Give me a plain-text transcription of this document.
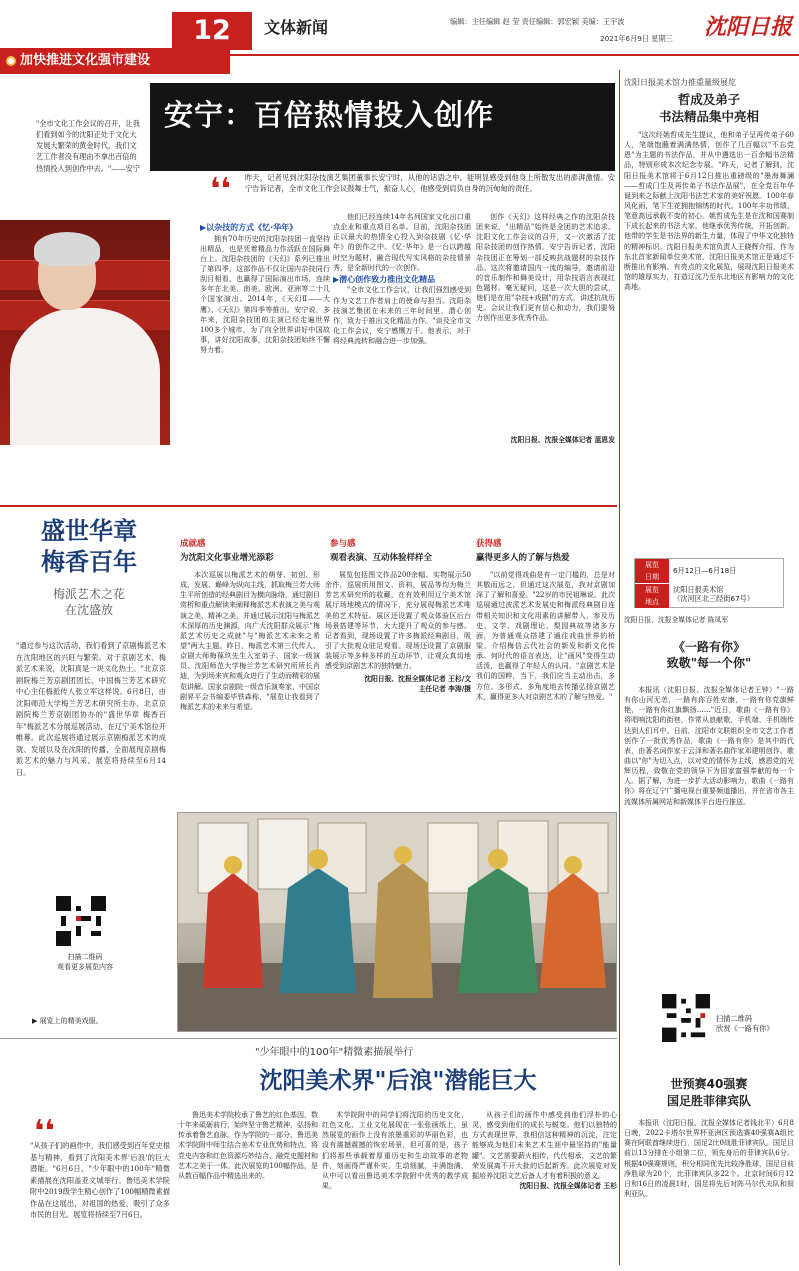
12	文体新闻	编辑：主任编辑 赵 莹 责任编辑：郭宏颖 美编：王宇波
2021年6月9日 星期三 沈阳日报
加快推进文化强市建设
"全市文化工作会议的召开，让我们看到如今的沈阳正处于文化大发展大繁荣的黄金时代，我们文艺工作者没有理由不拿出百倍的热情投入到创作中去。"——安宁
安宁：百倍热情投入创作
❛❛ 昨天，记者见到沈阳杂技演艺集团董事长安宁时，从他的话语之中，能明显感受到他身上所散发出的澎湃激情。安宁告诉记者，全市文化工作会议鼓舞士气，振奋人心，他感受到肩负自身的沉甸甸的责任。
▶以杂技的方式《忆·华年》

拥有70年历史的沈阳杂技团一直坚持出精品，也是凭着精品力作活跃在国际舞台上。沈阳杂技团的《天幻》系列已推出了第四季，这部作品不仅让国内杂技同行刮目相看，也赢得了国际演出市场，连续多年在北美、南美、欧洲、亚洲等二十几个国家演出。2014年，《天幻Ⅱ——大鹰》、《天幻》第四季等推出。安宁说，多年来，沈阳杂技团的主演已经走遍世界100多个城市，为了向全世界讲好中国故事，讲好沈阳故事，沈阳杂技团始终不懈努力着。

他们已经连续14年名列国家文化出口重点企业和重点项目名单。目前，沈阳杂技团正以最大的热情全心投入到杂技剧《忆·华年》的创作之中。《忆·华年》是一台以跨越时空为题材，融合现代写实风格的杂技情景秀，是全新时代的一次创作。

▶潜心创作致力推出文化精品

"全市文化工作会议，让我们强烈感受到作为文艺工作者肩上的使命与担当。沈阳杂技演艺集团在未来的三年时间里，潜心创作，致力于推出文化精品力作。"谈及全市文化工作会议，安宁感慨万千。他表示，对于将经典流转和融合进一步加强。

创作《天幻》这样经典之作的沈阳杂技团来说，"出精品"始终是全团的艺术追求。沈阳文化工作会议的召开，又一次激活了沈阳杂技团的创作热情。安宁告诉记者，沈阳杂技团正在筹划一部反映抗战题材的杂技作品。这次将邀请国内一流的编导，邀请前沿的音乐制作和舞美设计，用杂技语言表现红色题材。毫无疑问，这是一次大胆的尝试，他们是在用"杂技+戏剧"的方式，讲述抗战历史。会议让我们更有信心和动力，我们要努力创作出更多优秀作品。

沈阳日报、沈报全媒体记者 蓝恩发
沈阳日报美术馆力推重量级展览
哲成及弟子
书法精品集中亮相

"这次经姚哲成先生提议，他和弟子呈再传弟子60人，笔端饱蘸着满满热情，创作了几百幅以"不忘党恩"为主题的书法作品，并从中遴选出一百余幅书法精品，特别形成本次纪念专展。"昨天，记者了解到，沈阳日报美术馆将于6月12日推出重磅级的"墨海舞澜——哲成门生及再传弟子书法作品展"，在全党百年华诞到来之际献上沈阳书法艺术家的美好祝愿。100年春风化雨，笔下生花拥抱锦绣的时代。100年丰功伟绩，笔意高远承载不变的初心。姚哲成先生是在沈和国赛制下成长起来的书法大家，他继承优秀传统，开拓创新。他带的学生是书法界的新生力量，体现了中华文化独特的精神标识。沈阳日报美术馆负责人王晓辉介绍，作为东北首家新闻单位美术馆，沈阳日报美术馆正是通过不断推出有影响、有亮点的文化展览，展现沈阳日报美术馆的雄厚实力，打造辽沈乃至东北地区有影响力的文化高地。

展览
日期
6月12日—6月18日
展览
地点
沈阳日报美术馆
（沈河区北三经街67号）
沈阳日报、沈报全媒体记者 陈凤军
《一路有你》
致敬"每一个你"

本报讯（沈阳日报、沈报全媒体记者王钟）"一路有你山河无恙，一路有你百姓安康，一路有你党旗鲜艳，一路有你红旗飘扬……"近日，歌曲《一路有你》将唱响沈阳的街巷，作常从浪献歌、手机端、手机端传达到人们耳中。日前，沈阳市文联组织全市文艺工作者创作了一批优秀作品，歌曲《一路有你》是其中的代表，由著名词作家于云泽和著名曲作家邓建明创作。歌曲以"你"为切入点，以对党的情怀为主线，感恩党的光辉历程，致敬在党的领导下为国家富强奉献的每一个人。据了解，为进一步扩大活动影响力，歌曲《一路有你》将在辽宁广播电视台重要频道播出，并在省市各主流媒体所属网站和新媒体平台进行推送。

扫描二维码
欣赏《一路有你》
世预赛40强赛
国足胜菲律宾队

本报讯（沈阳日报、沈报全媒体记者钱北平）6月8日晚，2022卡塔尔世界杯亚洲区预选赛40强赛A组比赛在阿联酋继续进行，国足2比0战胜菲律宾队。国足目前以13分排在小组第二位，领先身后的菲律宾队6分。根据40强赛规则，积分相同优先比较净胜球，国足目前净胜球为20个，比菲律宾队多22个。北京时间6月12日和16日的凌晨1时，国足将先后对阵马尔代夫队和叙利亚队。

盛世华章
梅香百年
梅派艺术之花
在沈盛放
"通过参与这次活动，我们看到了京剧梅派艺术在沈阳地区的兴旺与繁荣。对于京剧艺术、梅派艺术来说，沈阳真是一块文化热土。"北京京剧院梅兰芳京剧团团长、中国梅兰芳艺术研究中心主任梅派传人张立军这样说。6月8日，由沈阳师范大学梅兰芳艺术研究所主办、北京京剧院梅兰芳京剧团协办的"盛世华章 梅香百年"梅派艺术分展巡展活动，在辽宁美术馆拉开帷幕。此次巡展将通过展示京剧梅派艺术的成就、发展以及在沈阳的传播，全面展现京剧梅派艺术的魅力与风采。展览将持续至6月14日。
扫描二维码
观看更多展览内容
▶ 展览上的精美戏服。
成就感
为沈阳文化事业增光添彩
参与感
观看表演、互动体验样样全
获得感
赢得更多人的了解与热爱

本次巡展以梅派艺术的萌芽、初创、形成、发展、巅峰为纵向主线，抓取梅兰芳大师生平所创造的经典剧目为横向脉络，通过剧目赏析和重点解读来阐释梅派艺术表演之美与观演之美、精神之美，并通过展示沈阳与梅派艺术深厚的历史渊源，向广大沈阳群众展示"梅派艺术历史之成就"与"梅派艺术未来之希望"两大主题。昨日，梅派艺术第三代传人、京剧大师梅葆玖先生入室弟子、国家一级演员、沈阳师范大学梅兰芳艺术研究所所长肖迪，为到场来宾和观众进行了生动而精彩的展览讲解。国家京剧院一级音乐演奏家、中国京剧昇平会书编委毕铁森称，"展览让我看到了梅派艺术的未来与希望。

展览包括图文作品200余幅、实物展示50余件，巡展所用图文、资料，展品等均为梅兰芳艺术研究所的收藏，在有效利用辽宁美术馆展厅场地模式的情况下，充分展现梅派艺术唯美的艺术特征。展区还设置了观众体验区后台场景搭建等环节，大大提升了观众的参与感。记者看到，现场设置了许多梅派经典剧目，吸引了大批观众驻足观看。现场还设置了京剧服装展示等多种多样的互动环节，让观众真切地感受到京剧艺术的独特魅力。

沈阳日报、沈报全媒体记者 王杉/文
主任记者 李涛/摄

"以前觉得戏曲是有一定门槛的，总是对其敬而远之，但通过这次展览，我对京剧加深了了解和喜爱。"22岁的市民祖琳说。此次巡展通过波派艺术发展史和梅派经典剧目连带相关知识和文化用素的讲解带入，参及历史、文学、戏剧理论、梨园典故等诸多方面，为普通观众搭建了通往戏曲世界的桥梁，介绍梅信云代社会的新发和新文化传承。何时代的语言表达，让"画风"变得生动活泼，也赢得了年轻人的认同。"京剧艺术是我们的国粹，当下，我们应当主动出击，多方位、多形式、多角度地去传播弘扬京剧艺术，赢得更多人对京剧艺术的了解与热爱。"

"少年眼中的100年"精微素描展举行
沈阳美术界"后浪"潜能巨大
❛❛
"从孩子们的画作中，我们感受到百年党史根基与精神，看到了沈阳美术界'后浪'的巨大潜能。"6月6日，"少年眼中的100年"精微素描展在沈阳盖亚文城举行。鲁迅美术学院附中2019级学生精心创作了100幅精微素描作品在这展出，对祖国的热爱，吸引了众多市民的目光。展览将持续至7月6日。

鲁迅美术学院校承了鲁艺的红色基因，数十年来砥砺前行，始终坚守鲁艺精神，弘扬和传承着鲁艺血脉。作为学院的一部分，鲁迅美术学院附中师生结合美术专业优势和特点，将党史内容和红色资源巧妙结合，融党史题材和艺术之美于一体。此次展览的100幅作品，是从数百幅作品中精选出来的。

术学院附中的同学们将沈阳的历史文化、红色文化、工业文化展现在一张张画纸上，虽然展览的画作上没有浓墨重彩的华丽色彩，也没有震撼震撼的恢宏场景，但可喜的是，孩子们将那些承载着厚重历史和生动故事的老物件，刻画得严谨朴实，生动细腻，丰满饱满，从中可以看出鲁迅美术学院附中优秀的教学成果。

从孩子们的画作中感受到他们浮朴的心灵，感受到他们的成长与蜕变。他们以独特的方式表现世界，我相信这种精神的沉淀，注定能够成为他们未来艺术生涯中最坚持的"能量罐"。文艺需要薪火相传，代代相承，文艺的繁荣发展离不开大批的后起新秀。此次展览对发掘培养沈阳文艺后备人才有着积极的意义。

沈阳日报、沈报全媒体记者 王杉
